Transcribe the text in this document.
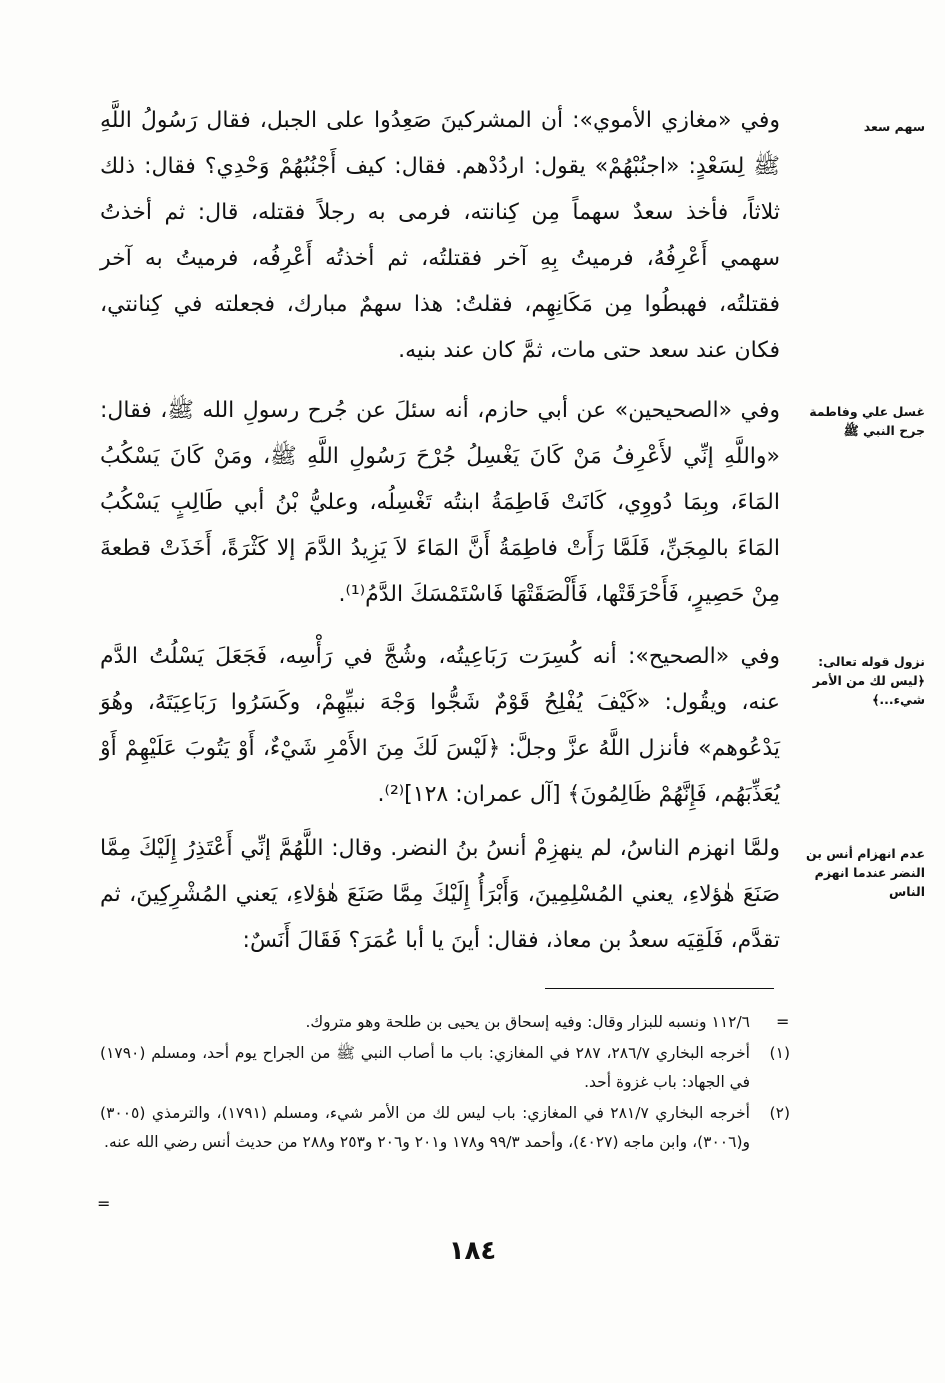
سهم سعد

وفي «مغازي الأموي»: أن المشركينَ صَعِدُوا على الجبل، فقال رَسُولُ اللَّهِ ﷺ لِسَعْدٍ: «اجنُبْهُمْ» يقول: اردُدْهم. فقال: كيف أَجْنُبُهُمْ وَحْدِي؟ فقال: ذلك ثلاثاً، فأخذ سعدٌ سهماً مِن كِنانته، فرمى به رجلاً فقتله، قال: ثم أخذتُ سهمي أَعْرِفُهُ، فرميتُ بِهِ آخر فقتلتُه، ثم أخذتُه أَعْرِفُه، فرميتُ به آخر فقتلتُه، فهبطُوا مِن مَكَانِهِم، فقلتُ: هذا سهمٌ مبارك، فجعلته في كِنانتي، فكان عند سعد حتى مات، ثمَّ كان عند بنيه.

غسل علي وفاطمة جرح النبي ﷺ

وفي «الصحيحين» عن أبي حازم، أنه سئلَ عن جُرح رسولِ الله ﷺ، فقال: «واللَّهِ إنِّي لأَعْرِفُ مَنْ كَانَ يَغْسِلُ جُرْحَ رَسُولِ اللَّهِ ﷺ، ومَنْ كَانَ يَسْكُبُ المَاءَ، وبِمَا دُووِي، كَانَتْ فَاطِمَةُ ابنتُه تَغْسِلُه، وعليُّ بْنُ أبي طَالِبٍ يَسْكُبُ المَاءَ بالمِجَنِّ، فَلَمَّا رَأَتْ فاطِمَةُ أَنَّ المَاءَ لاَ يَزِيدُ الدَّمَ إلا كَثْرَةً، أَخَذَتْ قطعةَ مِنْ حَصِيرٍ، فَأَحْرَقَتْها، فَأَلْصَقَتْهَا فَاسْتَمْسَكَ الدَّمُ⁽¹⁾.

نزول قوله تعالى: ﴿ليس لك من الأمر شيء...﴾

وفي «الصحيح»: أنه كُسِرَت رَبَاعِيتُه، وشُجَّ في رَأْسِه، فَجَعَلَ يَسْلُتُ الدَّم عنه، ويقُول: «كَيْفَ يُفْلِحُ قَوْمٌ شَجُّوا وَجْهَ نبيِّهِمْ، وكَسَرُوا رَبَاعِيَتَهُ، وهُوَ يَدْعُوهم» فأنزل اللَّهُ عزَّ وجلَّ: ﴿لَيْسَ لَكَ مِنَ الأَمْرِ شَيْءٌ، أَوْ يَتُوبَ عَلَيْهِمْ أَوْ يُعَذِّبَهُم، فَإِنَّهُمْ ظَالِمُونَ﴾ [آل عمران: ١٢٨]⁽²⁾.

عدم انهزام أنس بن النضر عندما انهزم الناس

ولمَّا انهزم الناسُ، لم ينهزِمْ أنسُ بنُ النضر. وقال: اللَّهُمَّ إنِّي أَعْتَذِرُ إِلَيْكَ مِمَّا صَنَعَ هٰؤلاءِ، يعني المُسْلِمِينَ، وَأَبْرَأُ إِلَيْكَ مِمَّا صَنَعَ هٰؤلاءِ، يَعني المُشْرِكِينَ، ثم تقدَّم، فَلَقِيَه سعدُ بن معاذ، فقال: أينَ يا أبا عُمَرَ؟ فَقَالَ أَنَسٌ:

=
=
١١٢/٦ ونسبه للبزار وقال: وفيه إسحاق بن يحيى بن طلحة وهو متروك.
(١)
أخرجه البخاري ٢٨٦/٧، ٢٨٧ في المغازي: باب ما أصاب النبي ﷺ من الجراح يوم أحد، ومسلم (١٧٩٠) في الجهاد: باب غزوة أحد.
(٢)
أخرجه البخاري ٢٨١/٧ في المغازي: باب ليس لك من الأمر شيء، ومسلم (١٧٩١)، والترمذي (٣٠٠٥) و(٣٠٠٦)، وابن ماجه (٤٠٢٧)، وأحمد ٩٩/٣ و١٧٨ و٢٠١ و٢٠٦ و٢٥٣ و٢٨٨ من حديث أنس رضي الله عنه.
١٨٤
